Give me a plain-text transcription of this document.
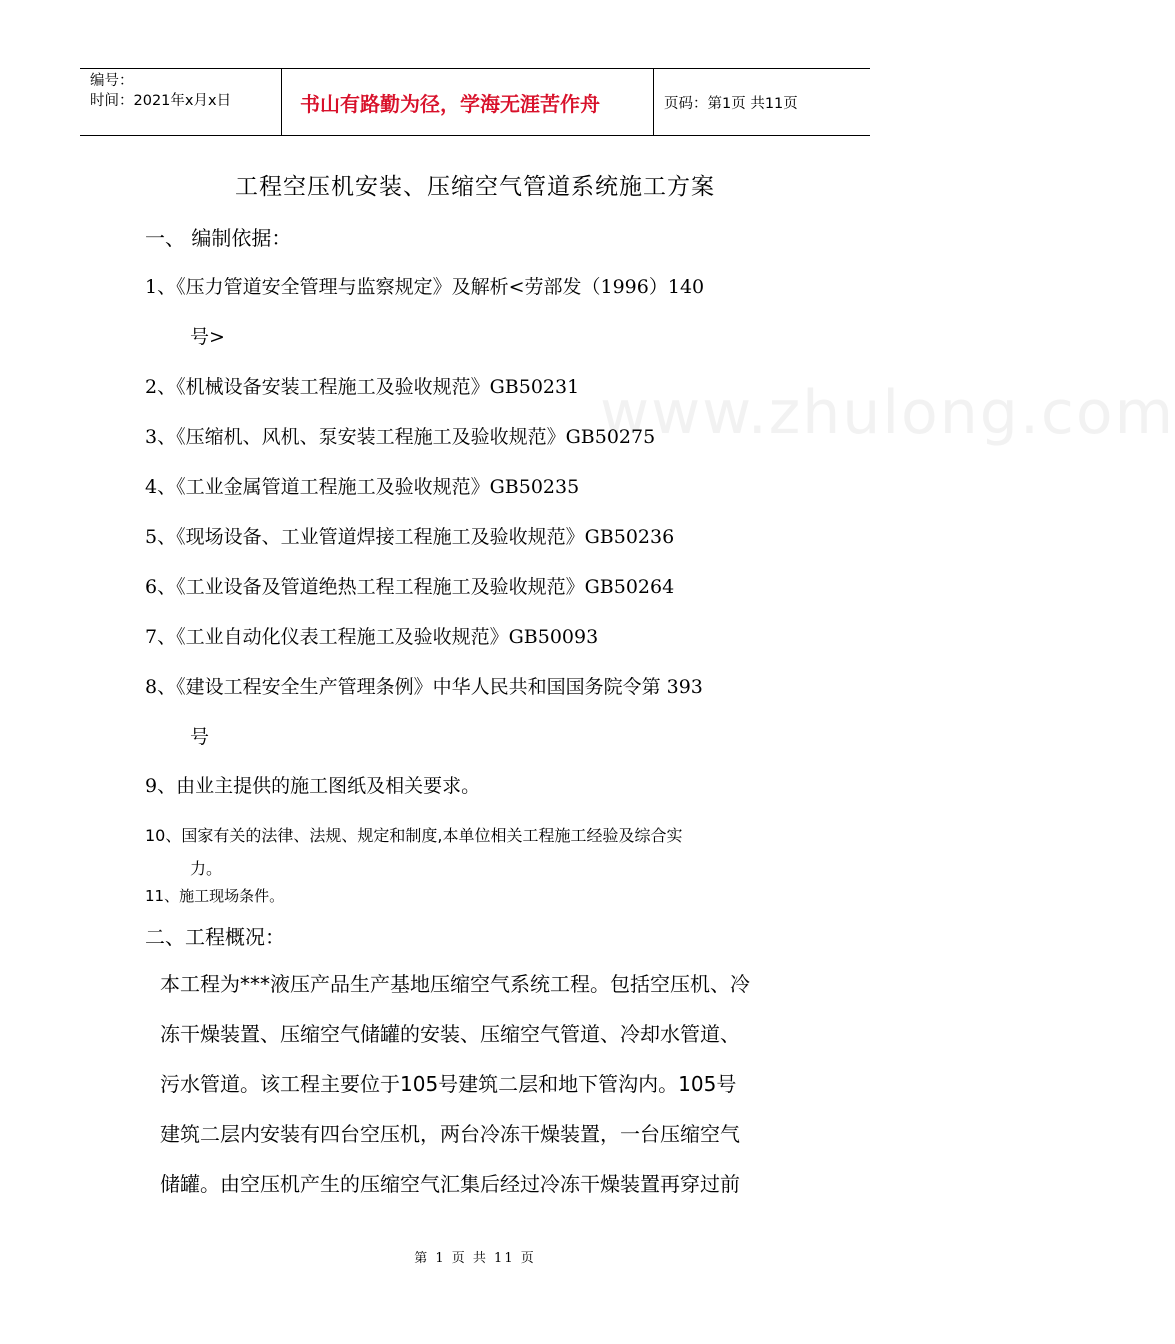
编号：
时间：2021年x月x日	书山有路勤为径，学海无涯苦作舟	页码：第1页 共11页
www.zhulong.com
工程空压机安装、压缩空气管道系统施工方案
一、 编制依据：
1、《压力管道安全管理与监察规定》及解析<劳部发（1996）140
号>
2、《机械设备安装工程施工及验收规范》GB50231
3、《压缩机、风机、泵安装工程施工及验收规范》GB50275
4、《工业金属管道工程施工及验收规范》GB50235
5、《现场设备、工业管道焊接工程施工及验收规范》GB50236
6、《工业设备及管道绝热工程工程施工及验收规范》GB50264
7、《工业自动化仪表工程施工及验收规范》GB50093
8、《建设工程安全生产管理条例》中华人民共和国国务院令第 393
号
9、由业主提供的施工图纸及相关要求。
10、国家有关的法律、法规、规定和制度,本单位相关工程施工经验及综合实
力。
11、施工现场条件。
二、工程概况：
本工程为***液压产品生产基地压缩空气系统工程。包括空压机、冷
冻干燥装置、压缩空气储罐的安装、压缩空气管道、冷却水管道、
污水管道。该工程主要位于105号建筑二层和地下管沟内。105号
建筑二层内安装有四台空压机，两台冷冻干燥装置，一台压缩空气
储罐。由空压机产生的压缩空气汇集后经过冷冻干燥装置再穿过前
第 1 页 共 11 页
